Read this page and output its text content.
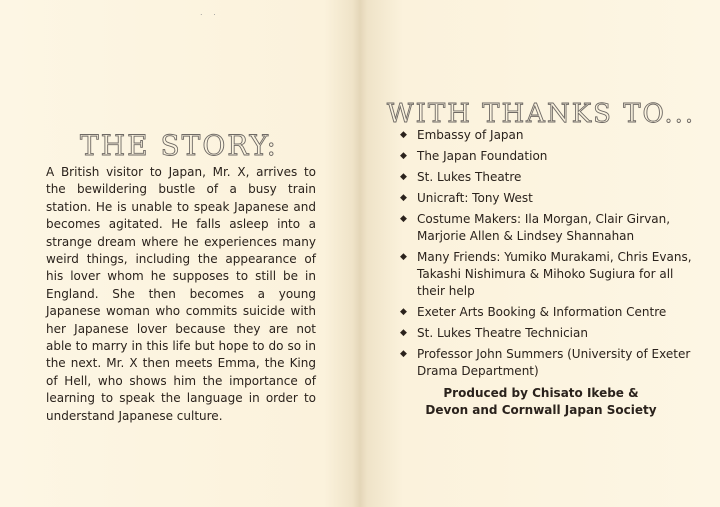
. .
THE STORY:

A British visitor to Japan, Mr. X, arrives to the bewildering bustle of a busy train station. He is unable to speak Japanese and becomes agitated. He falls asleep into a strange dream where he experiences many weird things, including the appearance of his lover whom he supposes to still be in England. She then becomes a young Japanese woman who commits suicide with her Japanese lover because they are not able to marry in this life but hope to do so in the next. Mr. X then meets Emma, the King of Hell, who shows him the importance of learning to speak the language in order to understand Japanese culture.

WITH THANKS TO...
◆ Embassy of Japan
◆ The Japan Foundation
◆ St. Lukes Theatre
◆ Unicraft: Tony West
◆ Costume Makers: Ila Morgan, Clair Girvan, Marjorie Allen & Lindsey Shannahan
◆ Many Friends: Yumiko Murakami, Chris Evans, Takashi Nishimura & Mihoko Sugiura for all their help
◆ Exeter Arts Booking & Information Centre
◆ St. Lukes Theatre Technician
◆ Professor John Summers (University of Exeter Drama Department)
Produced by Chisato Ikebe &
Devon and Cornwall Japan Society
